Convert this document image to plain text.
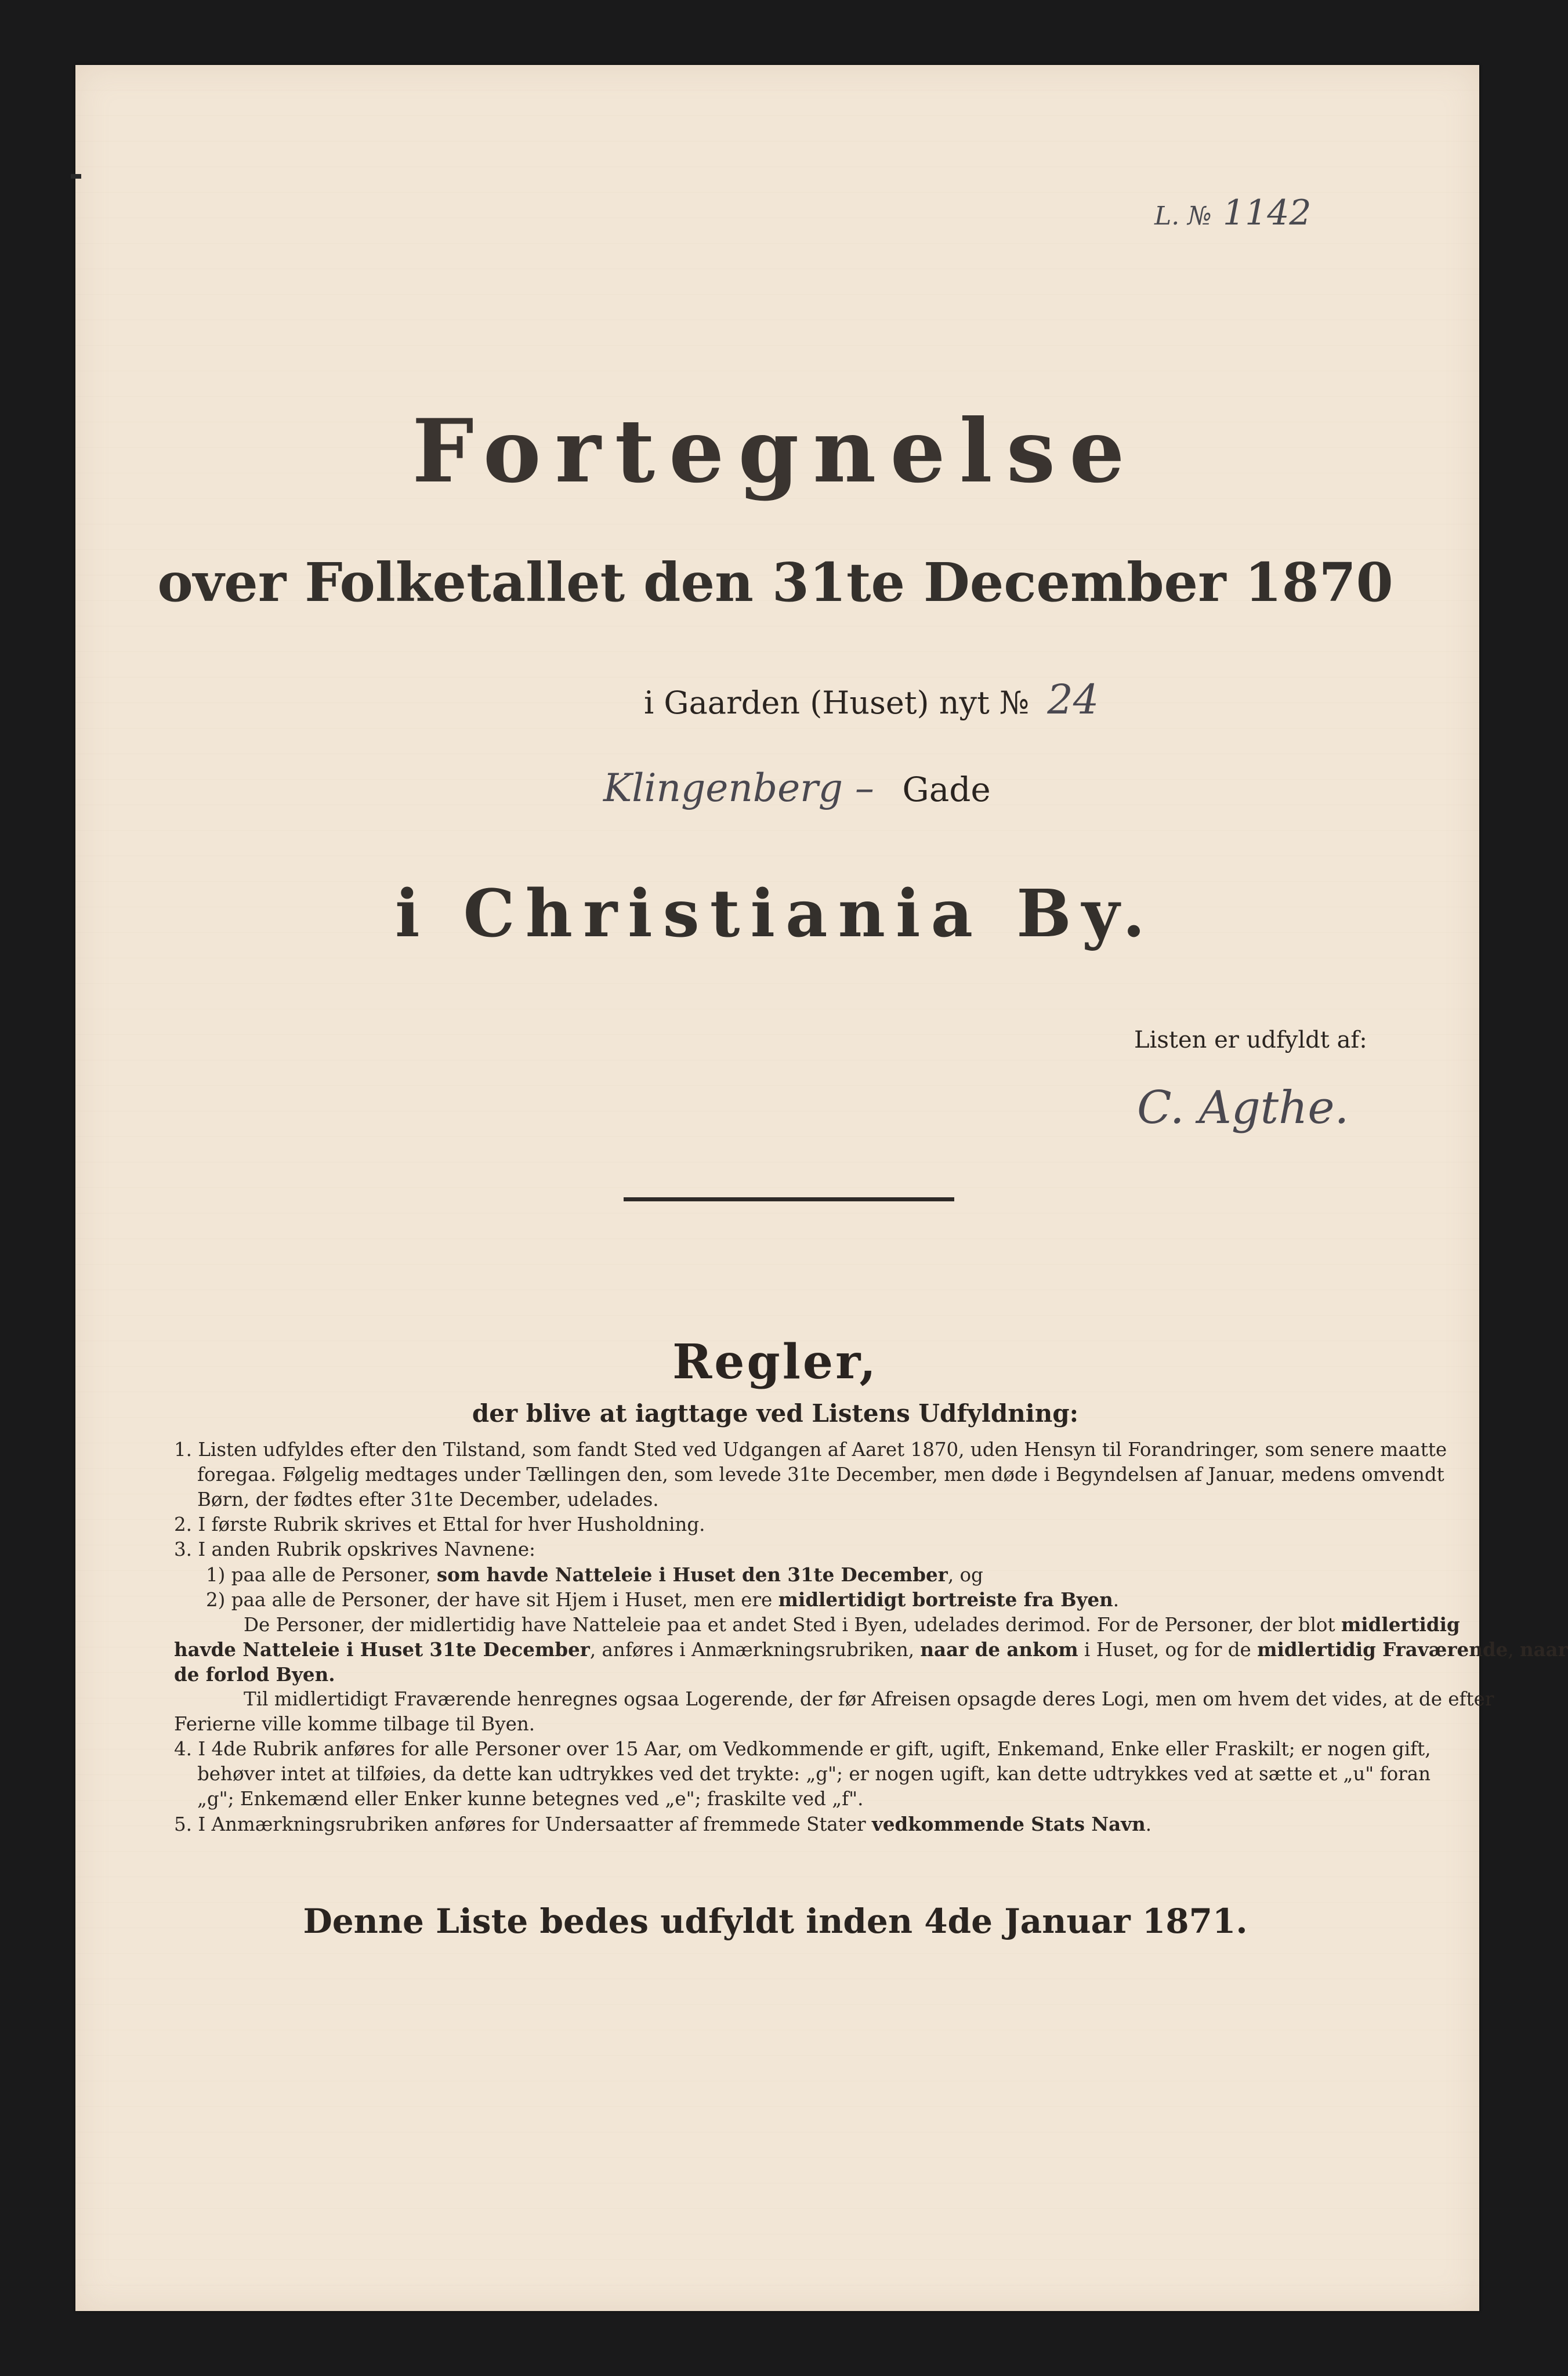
L. № 1142
Fortegnelse
over Folketallet den 31te December 1870
i Gaarden (Huset) nyt № 24
Klingenberg – Gade
i Christiania By.
Listen er udfyldt af:
C. Agthe.
Regler,
der blive at iagttage ved Listens Udfyldning:
1. Listen udfyldes efter den Tilstand, som fandt Sted ved Udgangen af Aaret 1870, uden Hensyn til Forandringer, som senere maatte
foregaa. Følgelig medtages under Tællingen den, som levede 31te December, men døde i Begyndelsen af Januar, medens omvendt
Børn, der fødtes efter 31te December, udelades.
2. I første Rubrik skrives et Ettal for hver Husholdning.
3. I anden Rubrik opskrives Navnene:
1) paa alle de Personer, som havde Natteleie i Huset den 31te December, og
2) paa alle de Personer, der have sit Hjem i Huset, men ere midlertidigt bortreiste fra Byen.
De Personer, der midlertidig have Natteleie paa et andet Sted i Byen, udelades derimod. For de Personer, der blot midlertidig
havde Natteleie i Huset 31te December, anføres i Anmærkningsrubriken, naar de ankom i Huset, og for de midlertidig Fraværende, naar
de forlod Byen.
Til midlertidigt Fraværende henregnes ogsaa Logerende, der før Afreisen opsagde deres Logi, men om hvem det vides, at de efter
Ferierne ville komme tilbage til Byen.
4. I 4de Rubrik anføres for alle Personer over 15 Aar, om Vedkommende er gift, ugift, Enkemand, Enke eller Fraskilt; er nogen gift,
behøver intet at tilføies, da dette kan udtrykkes ved det trykte: „g"; er nogen ugift, kan dette udtrykkes ved at sætte et „u" foran
„g"; Enkemænd eller Enker kunne betegnes ved „e"; fraskilte ved „f".
5. I Anmærkningsrubriken anføres for Undersaatter af fremmede Stater vedkommende Stats Navn.
Denne Liste bedes udfyldt inden 4de Januar 1871.
